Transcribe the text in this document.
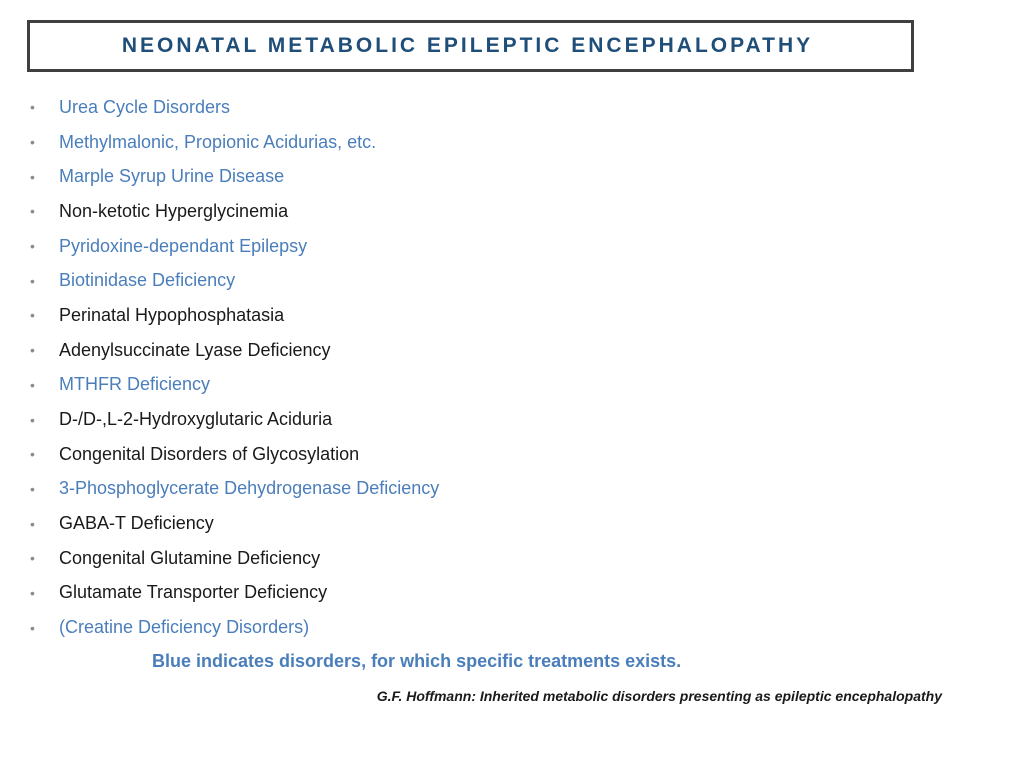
NEONATAL METABOLIC EPILEPTIC ENCEPHALOPATHY
•	Urea Cycle Disorders
•	Methylmalonic, Propionic Acidurias, etc.
•	Marple Syrup Urine Disease
•	Non-ketotic Hyperglycinemia
•	Pyridoxine-dependant Epilepsy
•	Biotinidase Deficiency
•	Perinatal Hypophosphatasia
•	Adenylsuccinate Lyase Deficiency
•	MTHFR Deficiency
•	D-/D-,L-2-Hydroxyglutaric Aciduria
•	Congenital Disorders of Glycosylation
•	3-Phosphoglycerate Dehydrogenase Deficiency
•	GABA-T Deficiency
•	Congenital Glutamine Deficiency
•	Glutamate Transporter Deficiency
•	(Creatine Deficiency Disorders)
Blue indicates disorders, for which specific treatments exists.
G.F. Hoffmann: Inherited metabolic disorders presenting as epileptic encephalopathy
